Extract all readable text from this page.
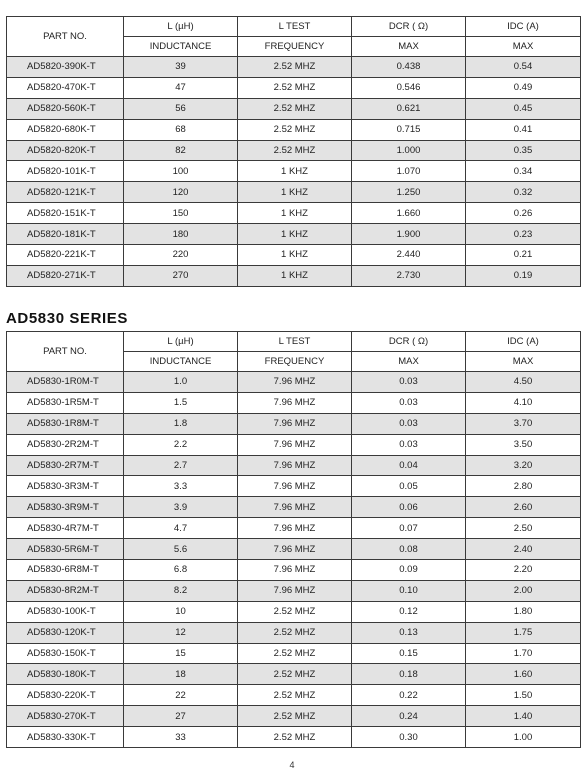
PART NO.	L (µH)	L TEST	DCR ( Ω)	IDC (A)
	INDUCTANCE	FREQUENCY	MAX	MAX
AD5820-390K-T	39	2.52 MHZ	0.438	0.54
AD5820-470K-T	47	2.52 MHZ	0.546	0.49
AD5820-560K-T	56	2.52 MHZ	0.621	0.45
AD5820-680K-T	68	2.52 MHZ	0.715	0.41
AD5820-820K-T	82	2.52 MHZ	1.000	0.35
AD5820-101K-T	100	1 KHZ	1.070	0.34
AD5820-121K-T	120	1 KHZ	1.250	0.32
AD5820-151K-T	150	1 KHZ	1.660	0.26
AD5820-181K-T	180	1 KHZ	1.900	0.23
AD5820-221K-T	220	1 KHZ	2.440	0.21
AD5820-271K-T	270	1 KHZ	2.730	0.19
AD5830 SERIES
PART NO.	L (µH)	L TEST	DCR ( Ω)	IDC (A)
	INDUCTANCE	FREQUENCY	MAX	MAX
AD5830-1R0M-T	1.0	7.96 MHZ	0.03	4.50
AD5830-1R5M-T	1.5	7.96 MHZ	0.03	4.10
AD5830-1R8M-T	1.8	7.96 MHZ	0.03	3.70
AD5830-2R2M-T	2.2	7.96 MHZ	0.03	3.50
AD5830-2R7M-T	2.7	7.96 MHZ	0.04	3.20
AD5830-3R3M-T	3.3	7.96 MHZ	0.05	2.80
AD5830-3R9M-T	3.9	7.96 MHZ	0.06	2.60
AD5830-4R7M-T	4.7	7.96 MHZ	0.07	2.50
AD5830-5R6M-T	5.6	7.96 MHZ	0.08	2.40
AD5830-6R8M-T	6.8	7.96 MHZ	0.09	2.20
AD5830-8R2M-T	8.2	7.96 MHZ	0.10	2.00
AD5830-100K-T	10	2.52 MHZ	0.12	1.80
AD5830-120K-T	12	2.52 MHZ	0.13	1.75
AD5830-150K-T	15	2.52 MHZ	0.15	1.70
AD5830-180K-T	18	2.52 MHZ	0.18	1.60
AD5830-220K-T	22	2.52 MHZ	0.22	1.50
AD5830-270K-T	27	2.52 MHZ	0.24	1.40
AD5830-330K-T	33	2.52 MHZ	0.30	1.00
4
